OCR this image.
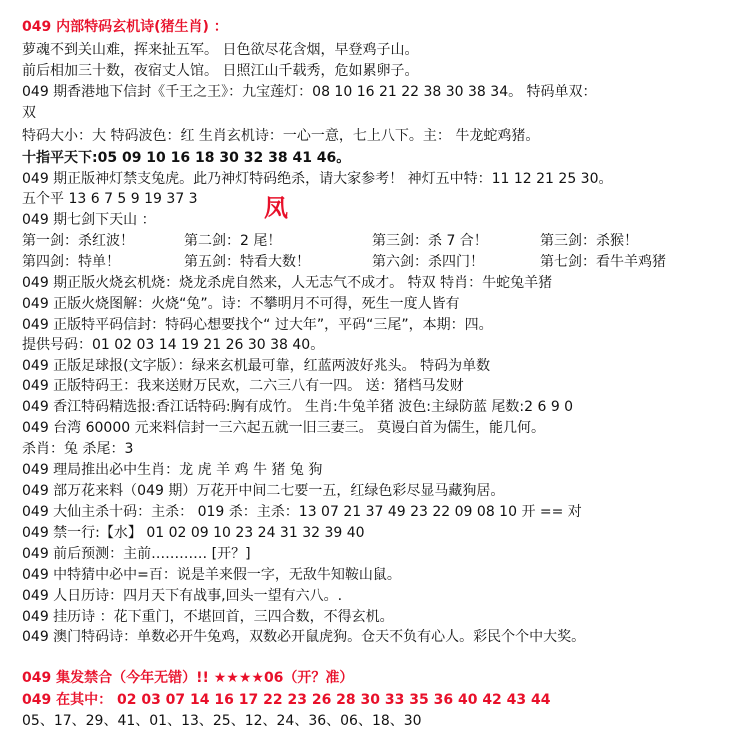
049 内部特码玄机诗(猪生肖) ：
萝魂不到关山难，挥来扯五军。 日色欲尽花含烟，早登鸡子山。
前后相加三十数，夜宿丈人馆。 日照江山千载秀，危如累卵子。
049 期香港地下信封《千王之王》：九宝莲灯：08 10 16 21 22 38 30 38 34。 特码单双：
双
特码大小：大 特码波色：红 生肖玄机诗：一心一意，七上八下。主： 牛龙蛇鸡猪。
十指平天下:05 09 10 16 18 30 32 38 41 46。
049 期正版神灯禁支兔虎。此乃神灯特码绝杀，请大家参考！ 神灯五中特：11 12 21 25 30。
五个平 13 6 7 5 9 19 37 3	凤
049 期七剑下天山 ：
第一剑：杀红波！	第二剑：2 尾！	第三剑：杀 7 合！	第三剑：杀猴！
第四剑：特单！	第五剑：特看大数！	第六剑：杀四门！	第七剑：看牛羊鸡猪
049 期正版火烧玄机烧：烧龙杀虎自然来，人无志气不成才。 特双 特肖：牛蛇兔羊猪
049 正版火烧图解：火烧“兔”。诗：不攀明月不可得，死生一度人皆有
049 正版特平码信封：特码心想要找个“ 过大年”，平码“三尾”，本期：四。
提供号码：01 02 03 14 19 21 26 30 38 40。
049 正版足球报(文字版）：绿来玄机最可靠，红蓝两波好兆头。 特码为单数
049 正版特码王：我来送财万民欢，二六三八有一四。 送：猪档马发财
049 香江特码精选报:香江话特码:胸有成竹。 生肖:牛兔羊猪 波色:主绿防蓝 尾数:2 6 9 0
049 台湾 60000 元来料信封一三六起五就一旧三妻三。 莫谩白首为儒生，能几何。
杀肖：兔 杀尾：3
049 理局推出必中生肖：龙 虎 羊 鸡 牛 猪 兔 狗
049 部万花来料（049 期）万花开中间二七要一五，红绿色彩尽显马藏狗居。
049 大仙主杀十码：主杀： 019 杀：主杀：13 07 21 37 49 23 22 09 08 10 开 == 对
049 禁一行:【水】 01 02 09 10 23 24 31 32 39 40
049 前后预测：主前………… [开？]
049 中特猜中必中=百：说是羊来假一字，无敌牛知鞍山鼠。
049 人日历诗：四月天下有战事,回头一望有六八。.
049 挂历诗 ：花下重门，不堪回首，三四合数，不得玄机。
049 澳门特码诗：单数必开牛兔鸡，双数必开鼠虎狗。仓天不负有心人。彩民个个中大奖。
049 集发禁合（今年无错）!! ★★★★06（开？准）
049 在其中： 02 03 07 14 16 17 22 23 26 28 30 33 35 36 40 42 43 44
05、17、29、41、01、13、25、12、24、36、06、18、30
